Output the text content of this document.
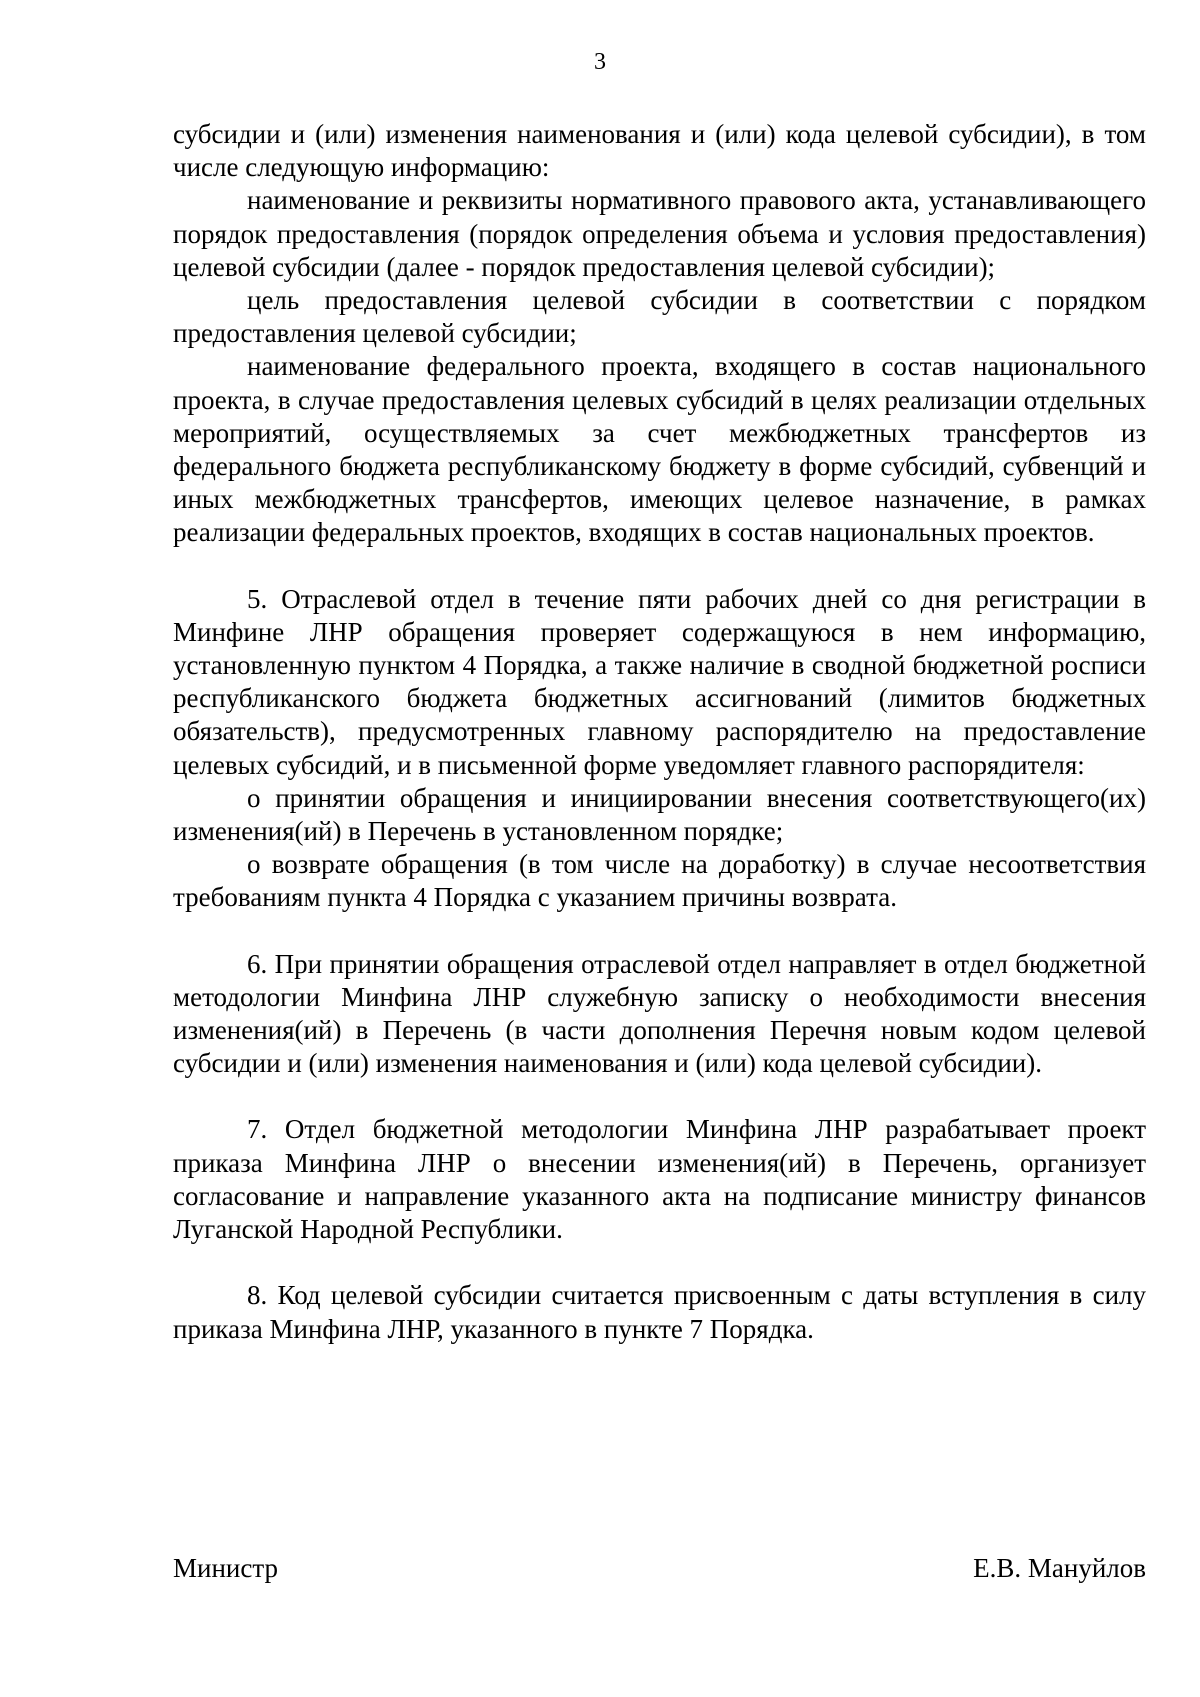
3

субсидии и (или) изменения наименования и (или) кода целевой субсидии), в том числе следующую информацию:

наименование и реквизиты нормативного правового акта, устанавливающего порядок предоставления (порядок определения объема и условия предоставления) целевой субсидии (далее - порядок предоставления целевой субсидии);

цель предоставления целевой субсидии в соответствии с порядком предоставления целевой субсидии;

наименование федерального проекта, входящего в состав национального проекта, в случае предоставления целевых субсидий в целях реализации отдельных мероприятий, осуществляемых за счет межбюджетных трансфертов из федерального бюджета республиканскому бюджету в форме субсидий, субвенций и иных межбюджетных трансфертов, имеющих целевое назначение, в рамках реализации федеральных проектов, входящих в состав национальных проектов.

5. Отраслевой отдел в течение пяти рабочих дней со дня регистрации в Минфине ЛНР обращения проверяет содержащуюся в нем информацию, установленную пунктом 4 Порядка, а также наличие в сводной бюджетной росписи республиканского бюджета бюджетных ассигнований (лимитов бюджетных обязательств), предусмотренных главному распорядителю на предоставление целевых субсидий, и в письменной форме уведомляет главного распорядителя:

о принятии обращения и инициировании внесения соответствующего(их) изменения(ий) в Перечень в установленном порядке;

о возврате обращения (в том числе на доработку) в случае несоответствия требованиям пункта 4 Порядка с указанием причины возврата.

6. При принятии обращения отраслевой отдел направляет в отдел бюджетной методологии Минфина ЛНР служебную записку о необходимости внесения изменения(ий) в Перечень (в части дополнения Перечня новым кодом целевой субсидии и (или) изменения наименования и (или) кода целевой субсидии).

7. Отдел бюджетной методологии Минфина ЛНР разрабатывает проект приказа Минфина ЛНР о внесении изменения(ий) в Перечень, организует согласование и направление указанного акта на подписание министру финансов Луганской Народной Республики.

8. Код целевой субсидии считается присвоенным с даты вступления в силу приказа Минфина ЛНР, указанного в пункте 7 Порядка.

Министр	Е.В. Мануйлов
